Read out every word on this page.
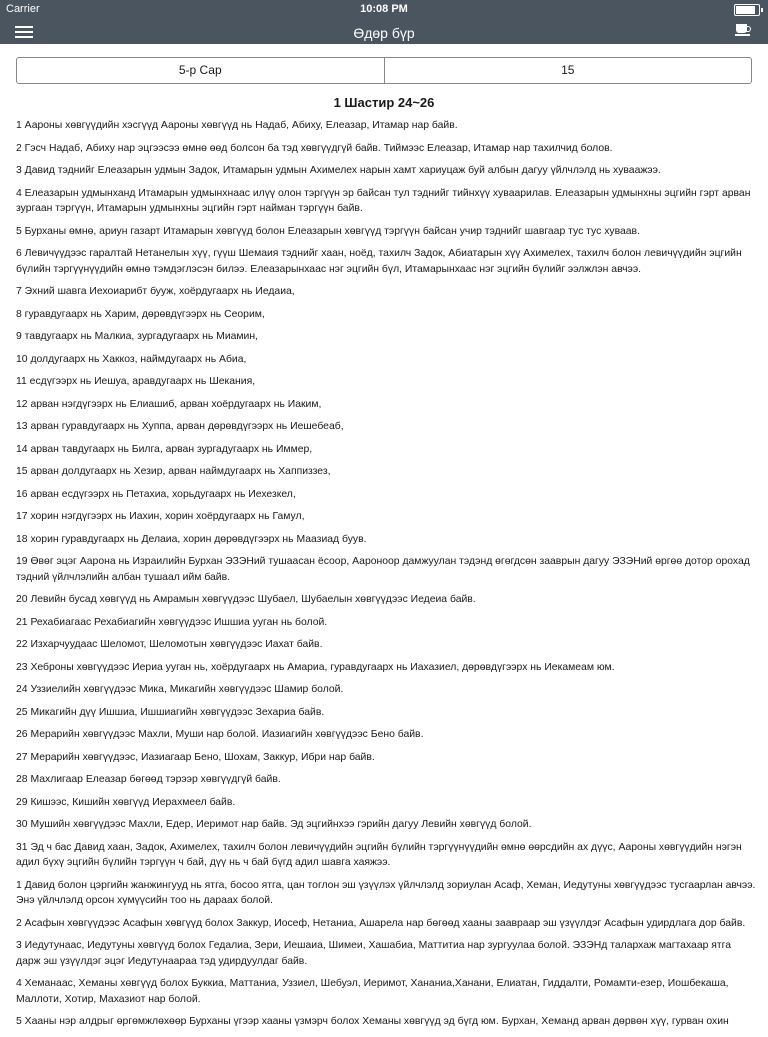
Carrier	10:08 PM
Өдөр бүр
5-р Сар	15
1 Шастир 24~26
1 Аароны хөвгүүдийн хэсгүүд Аароны хөвгүүд нь Надаб, Абиху, Елеазар, Итамар нар байв.
2 Гэсч Надаб, Абиху нар эцгээсээ өмнө өөд болсон ба тэд хөвгүүдгүй байв. Тиймээс Елеазар, Итамар нар тахилчид болов.
3 Давид тэднийг Елеазарын удмын Задок, Итамарын удмын Ахимелех нарын хамт хариуцаж буй албын дагуу үйлчлэлд нь хуваажээ.
4 Елеазарын удмынханд Итамарын удмынхнаас илүү олон тэргүүн эр байсан тул тэднийг тийнхүү хуваарилав. Елеазарын удмынхны эцгийн гэрт арван зургаан тэргүүн, Итамарын удмынхны эцгийн гэрт найман тэргүүн байв.
5 Бурханы өмнө, ариун газарт Итамарын хөвгүүд болон Елеазарын хөвгүүд тэргүүн байсан учир тэднийг шавгаар тус тус хуваав.
6 Левичүүдээс гаралтай Нетанелын хүү, гүүш Шемаия тэднийг хаан, ноёд, тахилч Задок, Абиатарын хүү Ахимелех, тахилч болон левичүүдийн эцгийн бүлийн тэргүүнүүдийн өмнө тэмдэглэсэн билээ. Елеазарынхаас нэг эцгийн бүл, Итамарынхаас нэг эцгийн бүлийг ээлжлэн авчээ.
7 Эхний шавга Иехоиарибт бууж, хоёрдугаарх нь Иедаиа,
8 гуравдугаарх нь Харим, дөрөвдүгээрх нь Сеорим,
9 тавдугаарх нь Малкиа, зургадугаарх нь Миамин,
10 долдугаарх нь Хаккоз, наймдугаарх нь Абиа,
11 есдүгээрх нь Иешуа, аравдугаарх нь Шекания,
12 арван нэгдүгээрх нь Елиашиб, арван хоёрдугаарх нь Иаким,
13 арван гуравдугаарх нь Хуппа, арван дөрөвдүгээрх нь Иешебеаб,
14 арван тавдугаарх нь Билга, арван зургадугаарх нь Иммер,
15 арван долдугаарх нь Хезир, арван наймдугаарх нь Хаппиззез,
16 арван есдүгээрх нь Петахиа, хорьдугаарх нь Иехезкел,
17 хорин нэгдүгээрх нь Иахин, хорин хоёрдугаарх нь Гамул,
18 хорин гуравдугаарх нь Делаиа, хорин дөрөвдүгээрх нь Маазиад буув.
19 Өвөг эцэг Аарона нь Израилийн Бурхан ЭЗЭНий тушаасан ёсоор, Аароноор дамжуулан тэдэнд өгөгдсөн зааврын дагуу ЭЗЭНий өргөө дотор орохад тэдний үйлчлэлийн албан тушаал ийм байв.
20 Левийн бусад хөвгүүд нь Амрамын хөвгүүдээс Шубаел, Шубаелын хөвгүүдээс Иедеиа байв.
21 Рехабиагаас Рехабиагийн хөвгүүдээс Ишшиа ууган нь болой.
22 Изхарчуудаас Шеломот, Шеломотын хөвгүүдээс Иахат байв.
23 Хеброны хөвгүүдээс Иериа ууган нь, хоёрдугаарх нь Амариа, гуравдугаарх нь Иахазиел, дөрөвдүгээрх нь Иекамеам юм.
24 Уззиелийн хөвгүүдээс Мика, Микагийн хөвгүүдээс Шамир болой.
25 Микагийн дүү Ишшиа, Ишшиагийн хөвгүүдээс Зехариа байв.
26 Мерарийн хөвгүүдээс Махли, Муши нар болой. Иазиагийн хөвгүүдээс Бено байв.
27 Мерарийн хөвгүүдээс, Иазиагаар Бено, Шохам, Заккур, Ибри нар байв.
28 Махлигаар Елеазар бөгөөд тэрээр хөвгүүдгүй байв.
29 Кишээс, Кишийн хөвгүүд Иерахмеел байв.
30 Мушийн хөвгүүдээс Махли, Едер, Иеримот нар байв. Эд эцгийнхээ гэрийн дагуу Левийн хөвгүүд болой.
31 Эд ч бас Давид хаан, Задок, Ахимелех, тахилч болон левичүүдийн эцгийн бүлийн тэргүүнүүдийн өмнө өөрсдийн ах дүүс, Аароны хөвгүүдийн нэгэн адил бүхү эцгийн бүлийн тэргүүн ч бай, дүү нь ч бай бүгд адил шавга хаяжээ.
1 Давид болон цэргийн жанжингууд нь ятга, босоо ятга, цан тоглон эш үзүүлэх үйлчлэлд зориулан Асаф, Хеман, Иедутуны хөвгүүдээс тусгаарлан авчээ. Энэ үйлчлэлд орсон хүмүүсийн тоо нь дараах болой.
2 Асафын хөвгүүдээс Асафын хөвгүүд болох Заккур, Иосеф, Нетаниа, Ашарела нар бөгөөд хааны зааврaар эш үзүүлдэг Асафын удирдлага дор байв.
3 Иедутунаас, Иедутуны хөвгүүд болох Гедалиа, Зери, Иешаиа, Шимеи, Хашабиа, Маттитиа нар зургуулаа болой. ЭЗЭНд талархаж магтахаар ятга дарж эш үзүүлдэг эцэг Иедутунаараа тэд удирдуулдаг байв.
4 Хеманаас, Хеманы хөвгүүд болох Буккиа, Маттаниа, Уззиел, Шебуэл, Иеримот, Хананиа,Ханани, Елиатан, Гиддалти, Ромамти-езер, Иошбекаша, Маллоти, Хотир, Махазиот нар болой.
5 Хааны нэр алдрыг өргөмжлөхөөр Бурханы үгээр хааны үзмэрч болох Хеманы хөвгүүд эд бүгд юм. Бурхан, Хеманд арван дөрвөн хүү, гурван охин
